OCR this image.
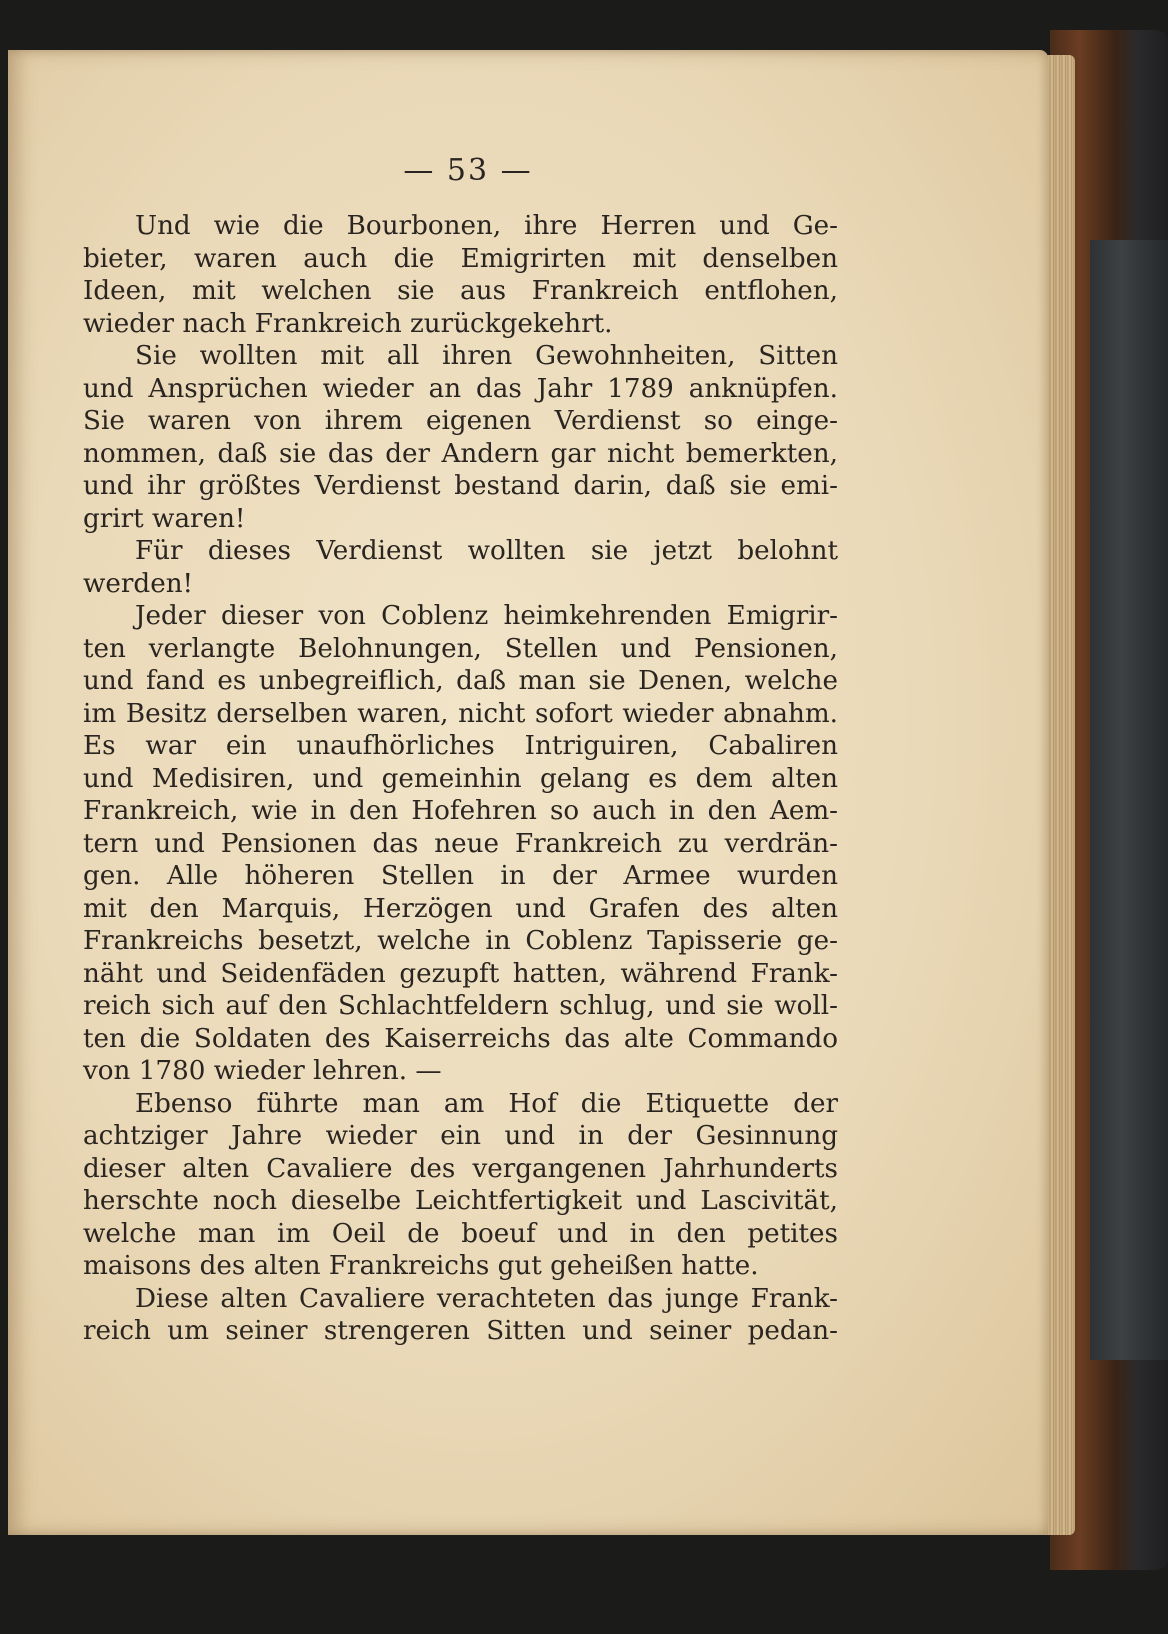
— 53 —
Und wie die Bourbonen, ihre Herren und Ge-
bieter, waren auch die Emigrirten mit denselben
Ideen, mit welchen sie aus Frankreich entflohen,
wieder nach Frankreich zurückgekehrt.
Sie wollten mit all ihren Gewohnheiten, Sitten
und Ansprüchen wieder an das Jahr 1789 anknüpfen.
Sie waren von ihrem eigenen Verdienst so einge-
nommen, daß sie das der Andern gar nicht bemerkten,
und ihr größtes Verdienst bestand darin, daß sie emi-
grirt waren!
Für dieses Verdienst wollten sie jetzt belohnt
werden!
Jeder dieser von Coblenz heimkehrenden Emigrir-
ten verlangte Belohnungen, Stellen und Pensionen,
und fand es unbegreiflich, daß man sie Denen, welche
im Besitz derselben waren, nicht sofort wieder abnahm.
Es war ein unaufhörliches Intriguiren, Cabaliren
und Medisiren, und gemeinhin gelang es dem alten
Frankreich, wie in den Hofehren so auch in den Aem-
tern und Pensionen das neue Frankreich zu verdrän-
gen. Alle höheren Stellen in der Armee wurden
mit den Marquis, Herzögen und Grafen des alten
Frankreichs besetzt, welche in Coblenz Tapisserie ge-
näht und Seidenfäden gezupft hatten, während Frank-
reich sich auf den Schlachtfeldern schlug, und sie woll-
ten die Soldaten des Kaiserreichs das alte Commando
von 1780 wieder lehren. —
Ebenso führte man am Hof die Etiquette der
achtziger Jahre wieder ein und in der Gesinnung
dieser alten Cavaliere des vergangenen Jahrhunderts
herschte noch dieselbe Leichtfertigkeit und Lascivität,
welche man im Oeil de boeuf und in den petites
maisons des alten Frankreichs gut geheißen hatte.
Diese alten Cavaliere verachteten das junge Frank-
reich um seiner strengeren Sitten und seiner pedan-
